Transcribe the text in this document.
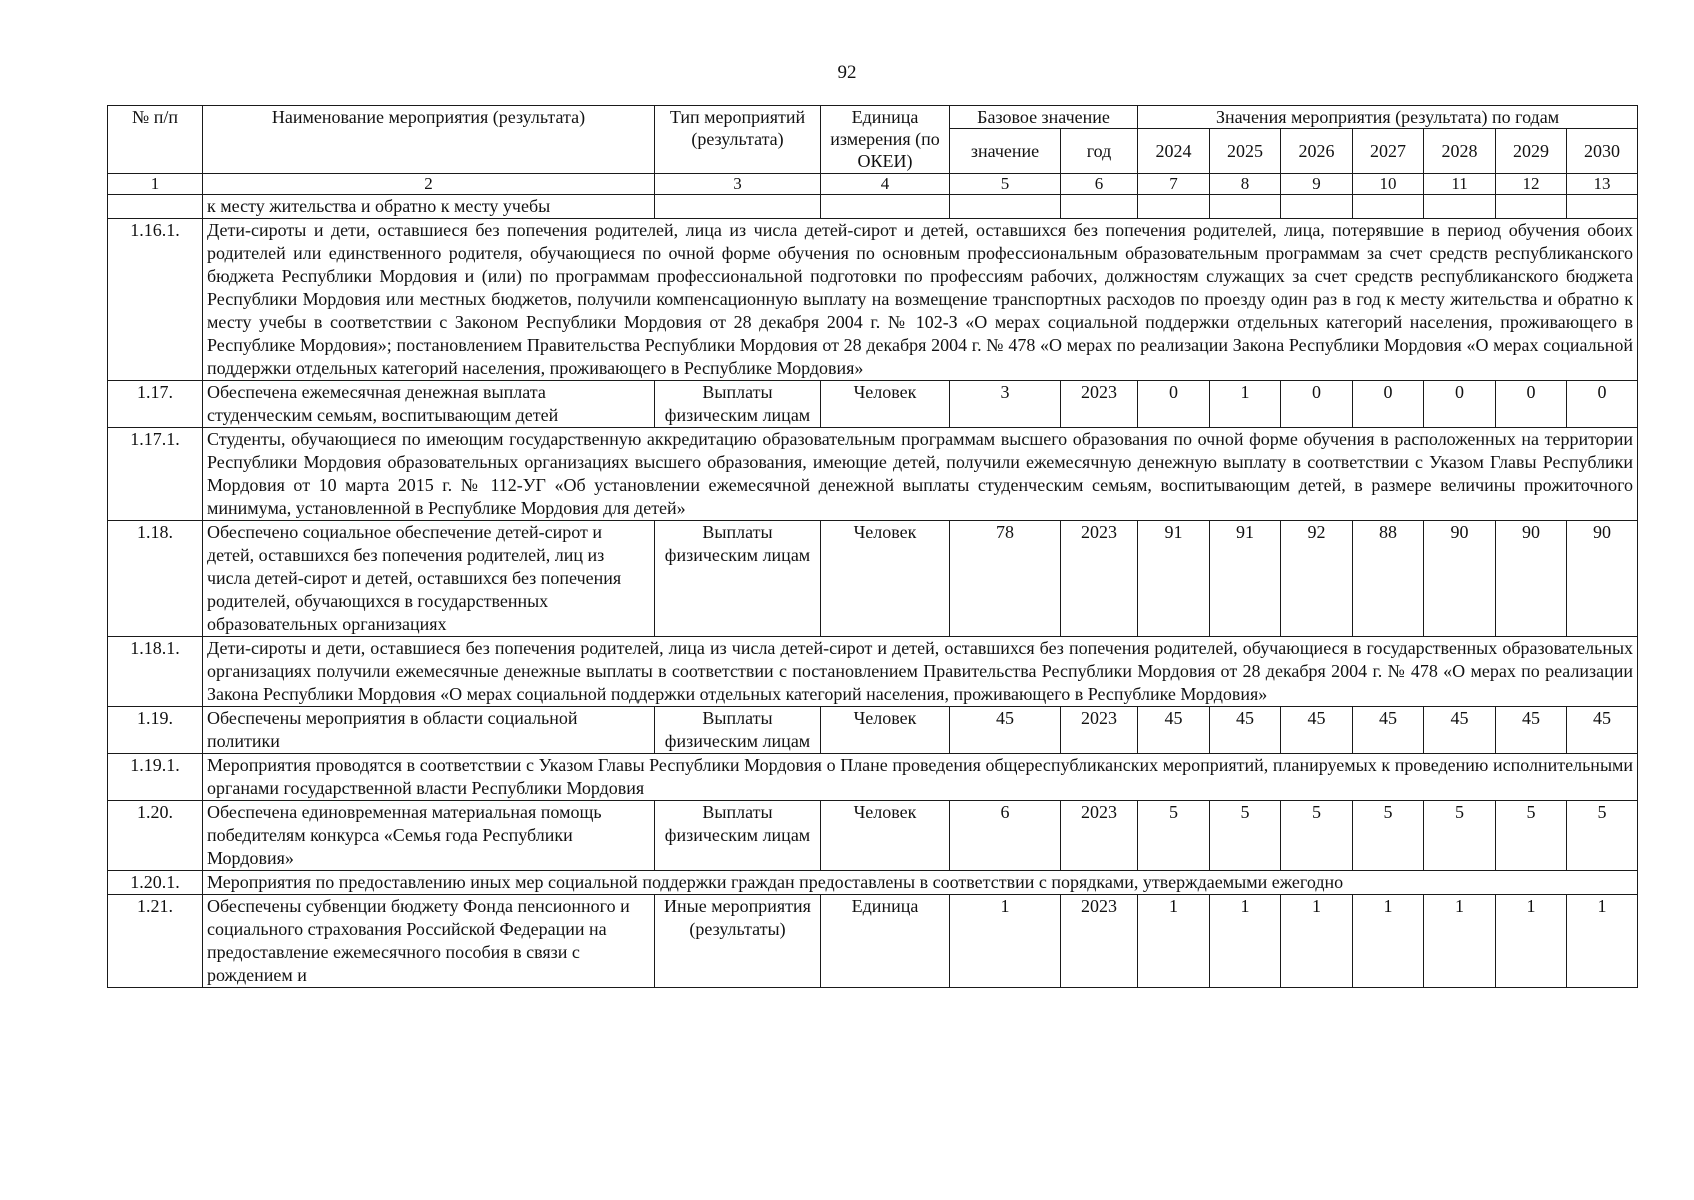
92
№ п/п	Наименование мероприятия (результата)	Тип мероприятий (результата)	Единица измерения (по ОКЕИ)	Базовое значение		Значения мероприятия (результата) по годам						
				значение	год	2024	2025	2026	2027	2028	2029	2030
1	2	3	4	5	6	7	8	9	10	11	12	13
	к месту жительства и обратно к месту учебы											
1.16.1.	Дети-сироты и дети, оставшиеся без попечения родителей, лица из числа детей-сирот и детей, оставшихся без попечения родителей, лица, потерявшие в период обучения обоих родителей или единственного родителя, обучающиеся по очной форме обучения по основным профессиональным образовательным программам за счет средств республиканского бюджета Республики Мордовия и (или) по программам профессиональной подготовки по профессиям рабочих, должностям служащих за счет средств республиканского бюджета Республики Мордовия или местных бюджетов, получили компенсационную выплату на возмещение транспортных расходов по проезду один раз в год к месту жительства и обратно к месту учебы в соответствии с Законом Республики Мордовия от 28 декабря 2004 г. № 102-З «О мерах социальной поддержки отдельных категорий населения, проживающего в Республике Мордовия»; постановлением Правительства Республики Мордовия от 28 декабря 2004 г. № 478 «О мерах по реализации Закона Республики Мордовия «О мерах социальной поддержки отдельных категорий населения, проживающего в Республике Мордовия»											
1.17.	Обеспечена ежемесячная денежная выплата студенческим семьям, воспитывающим детей	Выплаты физическим лицам	Человек	3	2023	0	1	0	0	0	0	0
1.17.1.	Студенты, обучающиеся по имеющим государственную аккредитацию образовательным программам высшего образования по очной форме обучения в расположенных на территории Республики Мордовия образовательных организациях высшего образования, имеющие детей, получили ежемесячную денежную выплату в соответствии с Указом Главы Республики Мордовия от 10 марта 2015 г. № 112-УГ «Об установлении ежемесячной денежной выплаты студенческим семьям, воспитывающим детей, в размере величины прожиточного минимума, установленной в Республике Мордовия для детей»											
1.18.	Обеспечено социальное обеспечение детей-сирот и детей, оставшихся без попечения родителей, лиц из числа детей-сирот и детей, оставшихся без попечения родителей, обучающихся в государственных образовательных организациях	Выплаты физическим лицам	Человек	78	2023	91	91	92	88	90	90	90
1.18.1.	Дети-сироты и дети, оставшиеся без попечения родителей, лица из числа детей-сирот и детей, оставшихся без попечения родителей, обучающиеся в государственных образовательных организациях получили ежемесячные денежные выплаты в соответствии с постановлением Правительства Республики Мордовия от 28 декабря 2004 г. № 478 «О мерах по реализации Закона Республики Мордовия «О мерах социальной поддержки отдельных категорий населения, проживающего в Республике Мордовия»											
1.19.	Обеспечены мероприятия в области социальной политики	Выплаты физическим лицам	Человек	45	2023	45	45	45	45	45	45	45
1.19.1.	Мероприятия проводятся в соответствии с Указом Главы Республики Мордовия о Плане проведения общереспубликанских мероприятий, планируемых к проведению исполнительными органами государственной власти Республики Мордовия											
1.20.	Обеспечена единовременная материальная помощь победителям конкурса «Семья года Республики Мордовия»	Выплаты физическим лицам	Человек	6	2023	5	5	5	5	5	5	5
1.20.1.	Мероприятия по предоставлению иных мер социальной поддержки граждан предоставлены в соответствии с порядками, утверждаемыми ежегодно											
1.21.	Обеспечены субвенции бюджету Фонда пенсионного и социального страхования Российской Федерации на предоставление ежемесячного пособия в связи с рождением и	Иные мероприятия (результаты)	Единица	1	2023	1	1	1	1	1	1	1
